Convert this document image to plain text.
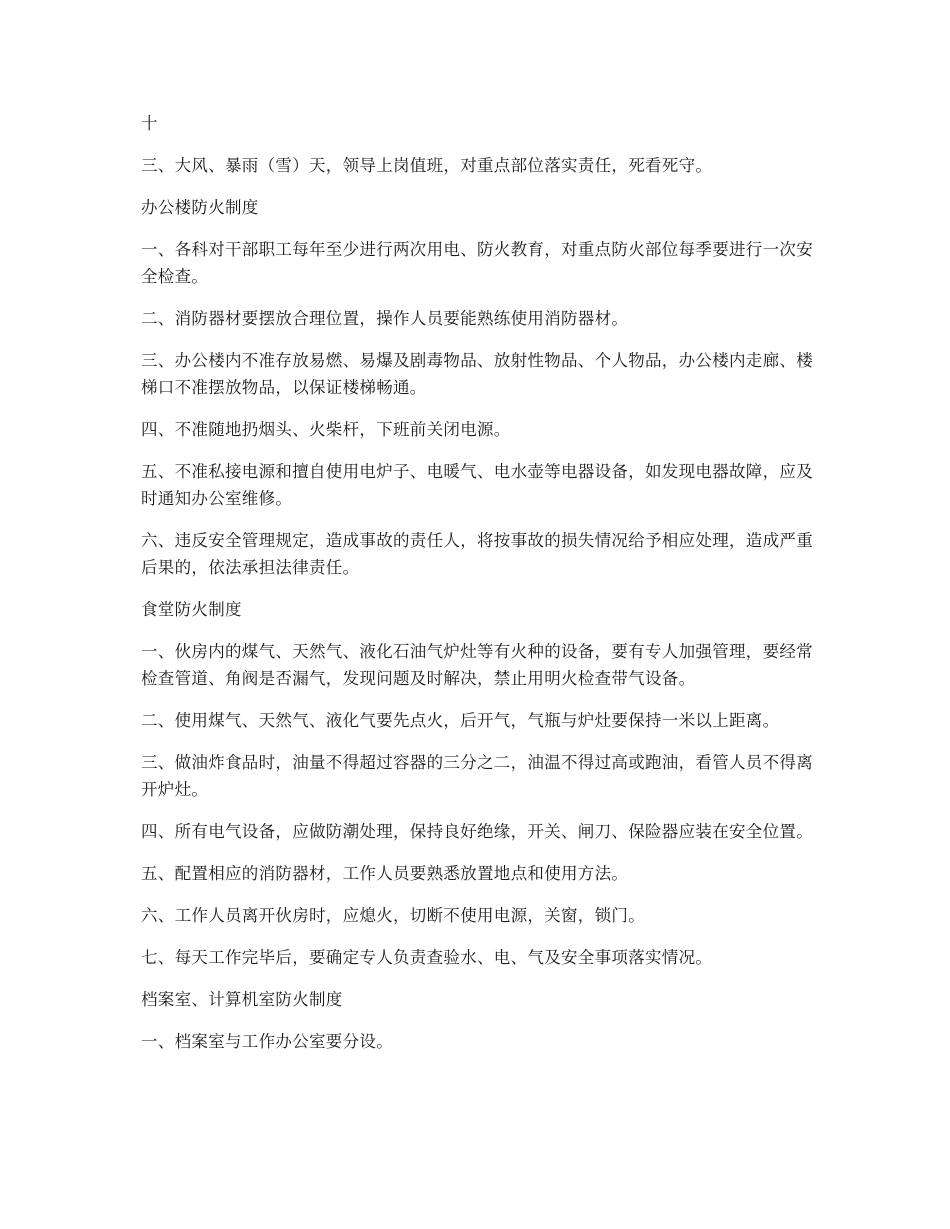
十

三、大风、暴雨（雪）天，领导上岗值班，对重点部位落实责任，死看死守。

办公楼防火制度

一、各科对干部职工每年至少进行两次用电、防火教育，对重点防火部位每季要进行一次安全检查。

二、消防器材要摆放合理位置，操作人员要能熟练使用消防器材。

三、办公楼内不准存放易燃、易爆及剧毒物品、放射性物品、个人物品，办公楼内走廊、楼梯口不准摆放物品，以保证楼梯畅通。

四、不准随地扔烟头、火柴杆，下班前关闭电源。

五、不准私接电源和擅自使用电炉子、电暖气、电水壶等电器设备，如发现电器故障，应及时通知办公室维修。

六、违反安全管理规定，造成事故的责任人，将按事故的损失情况给予相应处理，造成严重后果的，依法承担法律责任。

食堂防火制度

一、伙房内的煤气、天然气、液化石油气炉灶等有火种的设备，要有专人加强管理，要经常检查管道、角阀是否漏气，发现问题及时解决，禁止用明火检查带气设备。

二、使用煤气、天然气、液化气要先点火，后开气，气瓶与炉灶要保持一米以上距离。

三、做油炸食品时，油量不得超过容器的三分之二，油温不得过高或跑油，看管人员不得离开炉灶。

四、所有电气设备，应做防潮处理，保持良好绝缘，开关、闸刀、保险器应装在安全位置。

五、配置相应的消防器材，工作人员要熟悉放置地点和使用方法。

六、工作人员离开伙房时，应熄火，切断不使用电源，关窗，锁门。

七、每天工作完毕后，要确定专人负责查验水、电、气及安全事项落实情况。

档案室、计算机室防火制度

一、档案室与工作办公室要分设。
